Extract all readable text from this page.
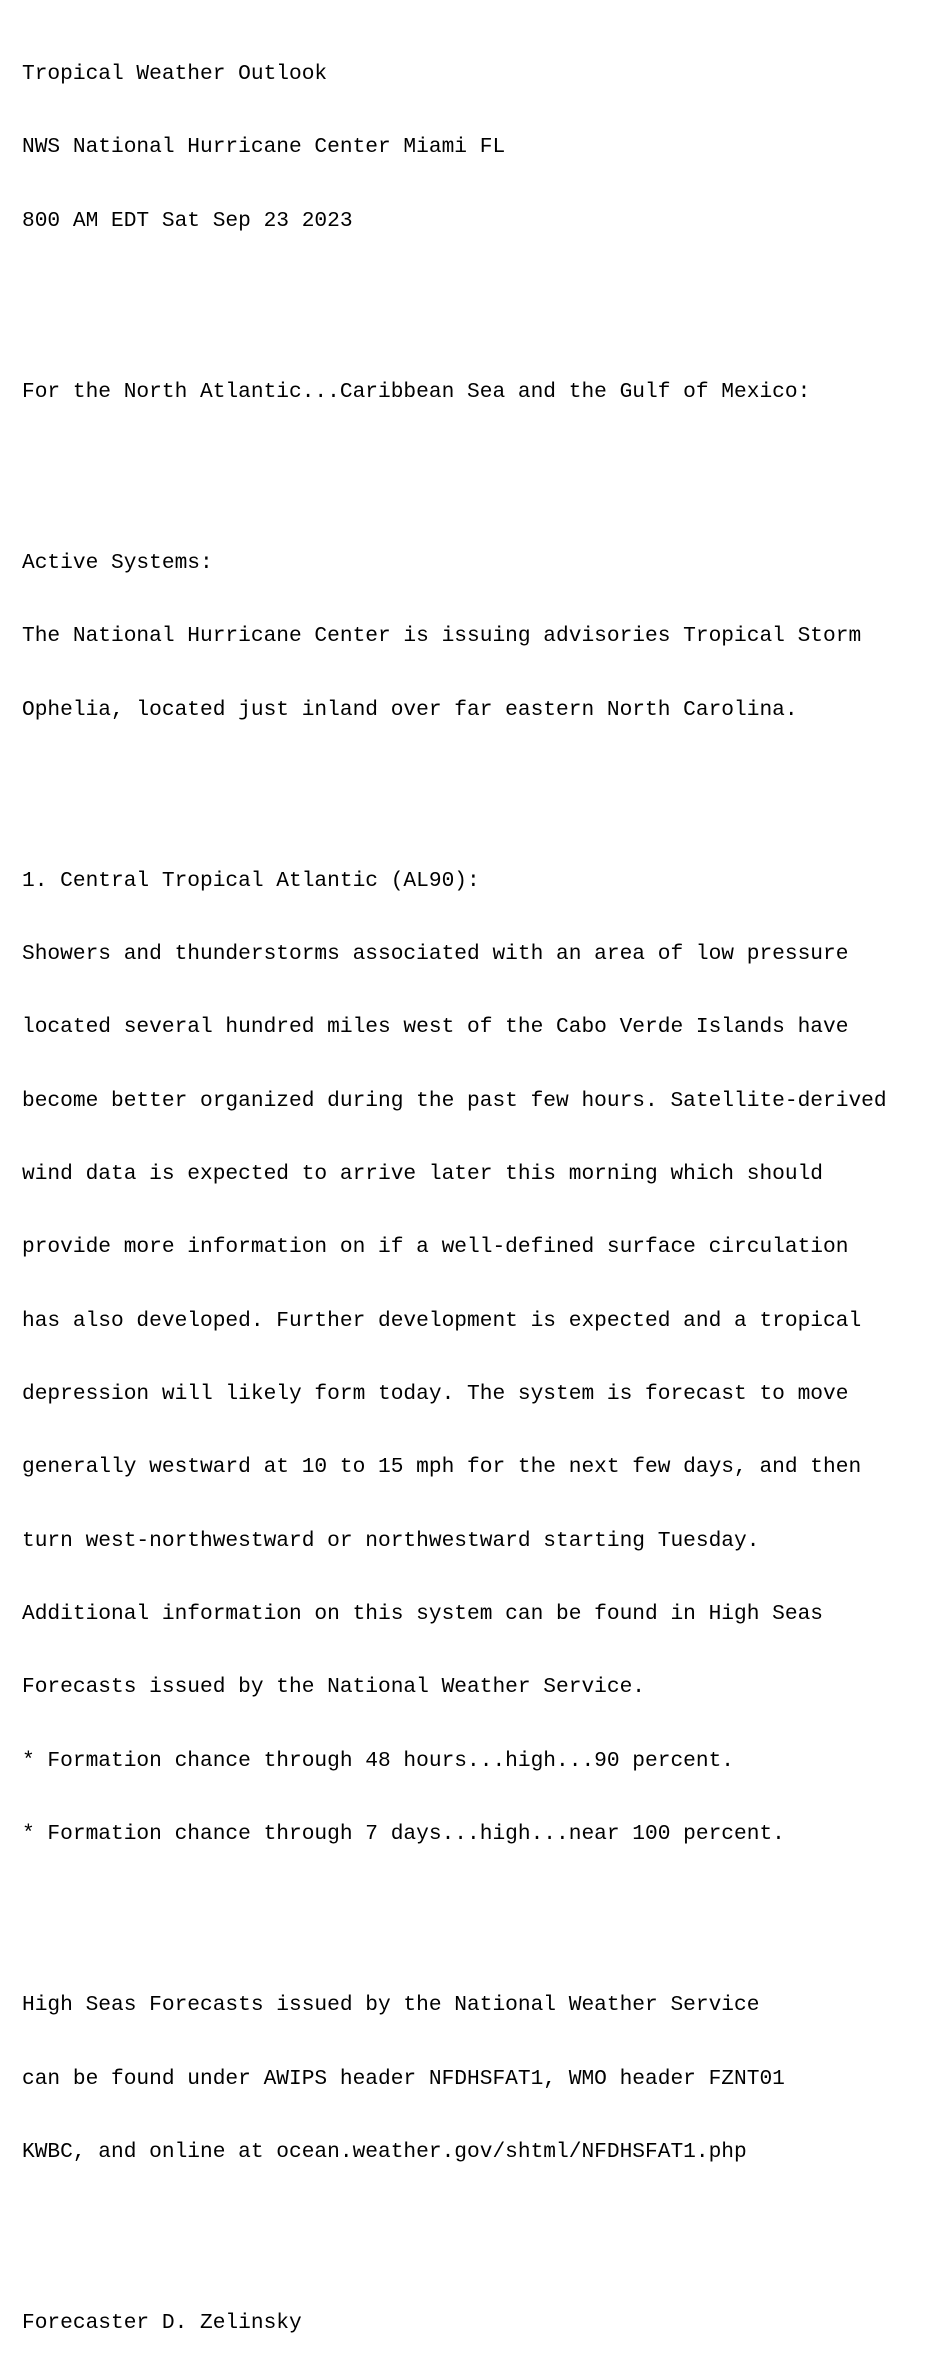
Tropical Weather Outlook

NWS National Hurricane Center Miami FL

800 AM EDT Sat Sep 23 2023

For the North Atlantic...Caribbean Sea and the Gulf of Mexico:

Active Systems:

The National Hurricane Center is issuing advisories Tropical Storm

Ophelia, located just inland over far eastern North Carolina.

1. Central Tropical Atlantic (AL90):

Showers and thunderstorms associated with an area of low pressure

located several hundred miles west of the Cabo Verde Islands have

become better organized during the past few hours. Satellite-derived

wind data is expected to arrive later this morning which should

provide more information on if a well-defined surface circulation

has also developed. Further development is expected and a tropical

depression will likely form today. The system is forecast to move

generally westward at 10 to 15 mph for the next few days, and then

turn west-northwestward or northwestward starting Tuesday.

Additional information on this system can be found in High Seas

Forecasts issued by the National Weather Service.

* Formation chance through 48 hours...high...90 percent.

* Formation chance through 7 days...high...near 100 percent.

High Seas Forecasts issued by the National Weather Service

can be found under AWIPS header NFDHSFAT1, WMO header FZNT01

KWBC, and online at ocean.weather.gov/shtml/NFDHSFAT1.php

Forecaster D. Zelinsky
